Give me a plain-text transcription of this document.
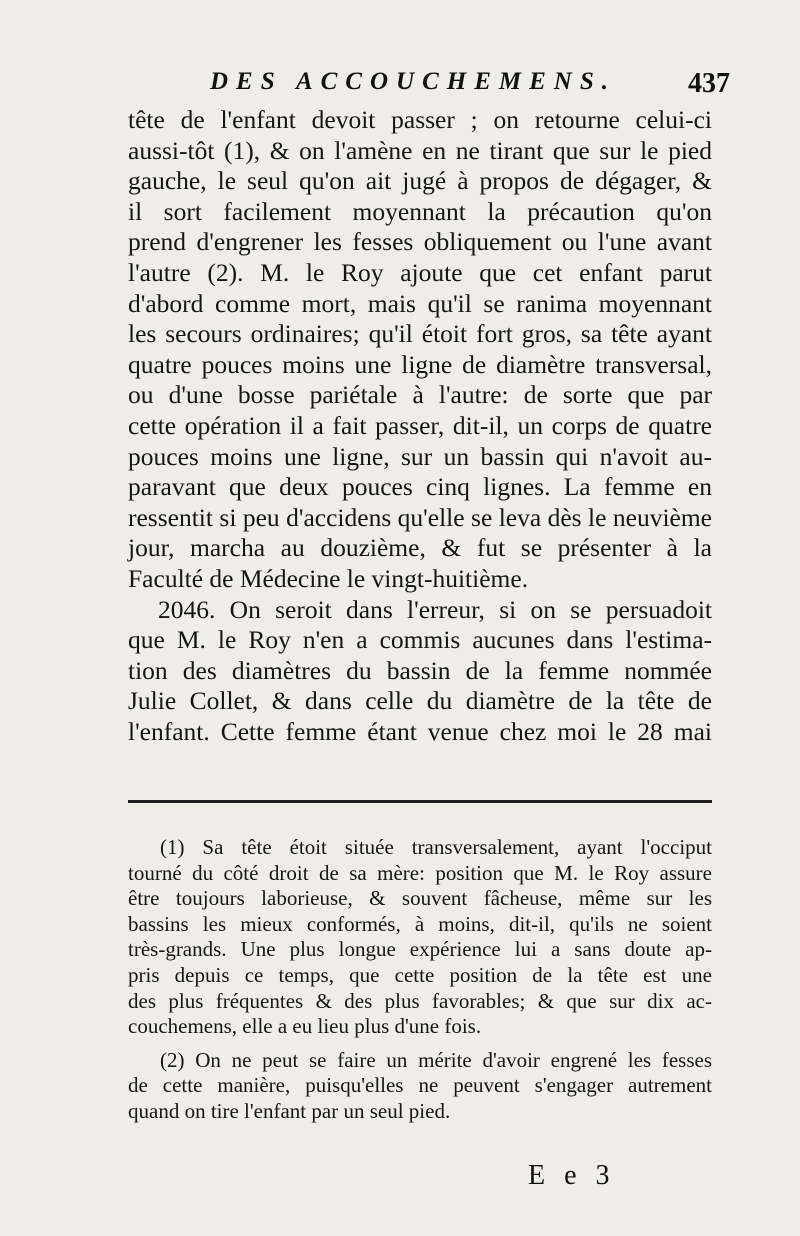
DES ACCOUCHEMENS.	437
tête de l'enfant devoit passer ; on retourne celui-ci
aussi-tôt (1), & on l'amène en ne tirant que sur le pied
gauche, le seul qu'on ait jugé à propos de dégager, &
il sort facilement moyennant la précaution qu'on
prend d'engrener les fesses obliquement ou l'une avant
l'autre (2). M. le Roy ajoute que cet enfant parut
d'abord comme mort, mais qu'il se ranima moyennant
les secours ordinaires; qu'il étoit fort gros, sa tête ayant
quatre pouces moins une ligne de diamètre transversal,
ou d'une bosse pariétale à l'autre: de sorte que par
cette opération il a fait passer, dit-il, un corps de quatre
pouces moins une ligne, sur un bassin qui n'avoit au-
paravant que deux pouces cinq lignes. La femme en
ressentit si peu d'accidens qu'elle se leva dès le neuvième
jour, marcha au douzième, & fut se présenter à la
Faculté de Médecine le vingt-huitième.
2046. On seroit dans l'erreur, si on se persuadoit
que M. le Roy n'en a commis aucunes dans l'estima-
tion des diamètres du bassin de la femme nommée
Julie Collet, & dans celle du diamètre de la tête de
l'enfant. Cette femme étant venue chez moi le 28 mai
(1) Sa tête étoit située transversalement, ayant l'occiput
tourné du côté droit de sa mère: position que M. le Roy assure
être toujours laborieuse, & souvent fâcheuse, même sur les
bassins les mieux conformés, à moins, dit-il, qu'ils ne soient
très-grands. Une plus longue expérience lui a sans doute ap-
pris depuis ce temps, que cette position de la tête est une
des plus fréquentes & des plus favorables; & que sur dix ac-
couchemens, elle a eu lieu plus d'une fois.
(2) On ne peut se faire un mérite d'avoir engrené les fesses
de cette manière, puisqu'elles ne peuvent s'engager autrement
quand on tire l'enfant par un seul pied.
E e 3
